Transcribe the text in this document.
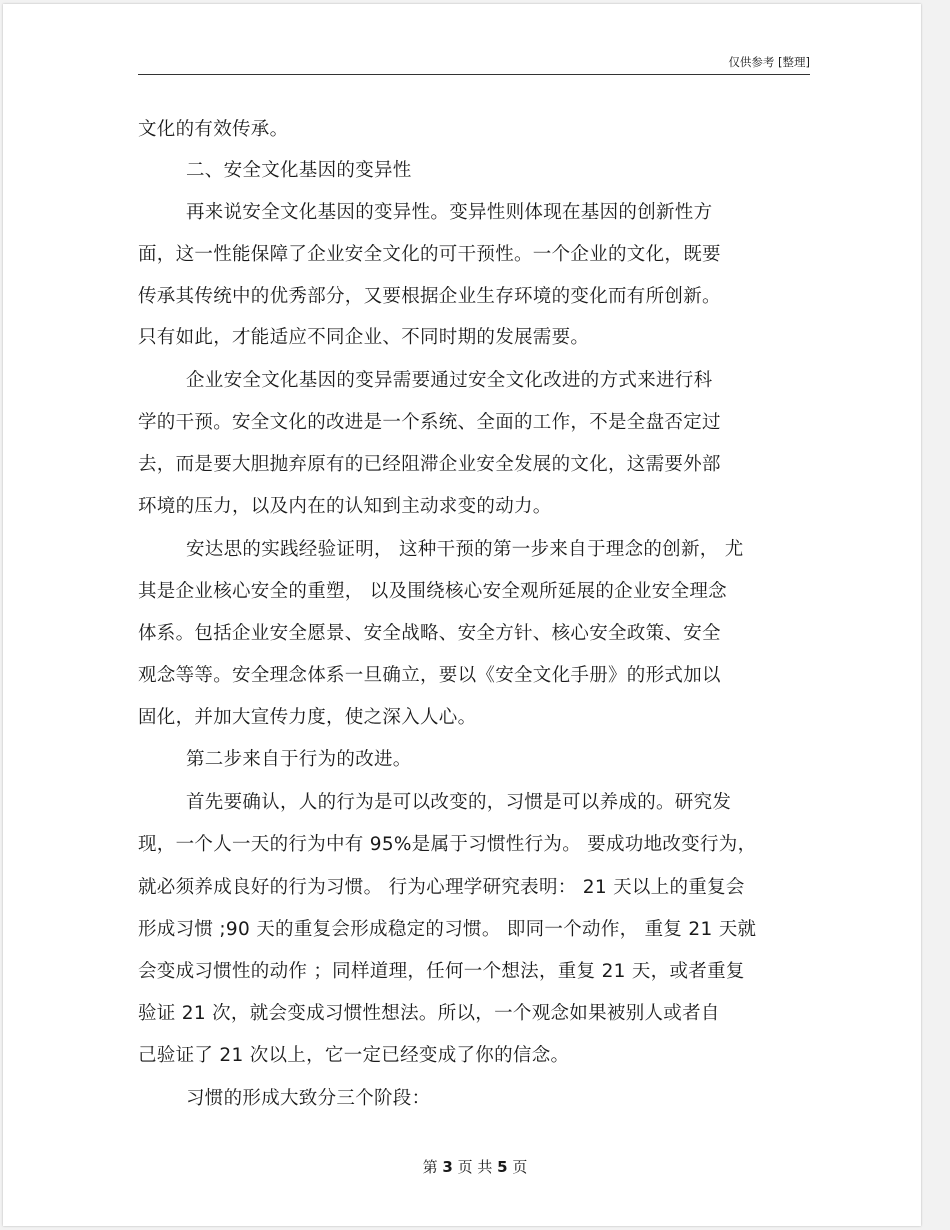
仅供参考 [整理]
文化的有效传承。
二、安全文化基因的变异性
再来说安全文化基因的变异性。变异性则体现在基因的创新性方
面，这一性能保障了企业安全文化的可干预性。一个企业的文化，既要
传承其传统中的优秀部分，又要根据企业生存环境的变化而有所创新。
只有如此，才能适应不同企业、不同时期的发展需要。
企业安全文化基因的变异需要通过安全文化改进的方式来进行科
学的干预。安全文化的改进是一个系统、全面的工作，不是全盘否定过
去，而是要大胆抛弃原有的已经阻滞企业安全发展的文化，这需要外部
环境的压力，以及内在的认知到主动求变的动力。
安达思的实践经验证明， 这种干预的第一步来自于理念的创新， 尤
其是企业核心安全的重塑， 以及围绕核心安全观所延展的企业安全理念
体系。包括企业安全愿景、安全战略、安全方针、核心安全政策、安全
观念等等。安全理念体系一旦确立，要以《安全文化手册》的形式加以
固化，并加大宣传力度，使之深入人心。
第二步来自于行为的改进。
首先要确认，人的行为是可以改变的，习惯是可以养成的。研究发
现，一个人一天的行为中有 95%是属于习惯性行为。 要成功地改变行为，
就必须养成良好的行为习惯。 行为心理学研究表明： 21 天以上的重复会
形成习惯 ;90 天的重复会形成稳定的习惯。 即同一个动作， 重复 21 天就
会变成习惯性的动作 ；同样道理，任何一个想法，重复 21 天，或者重复
验证 21 次，就会变成习惯性想法。所以，一个观念如果被别人或者自
己验证了 21 次以上，它一定已经变成了你的信念。
习惯的形成大致分三个阶段：
第 3 页 共 5 页
